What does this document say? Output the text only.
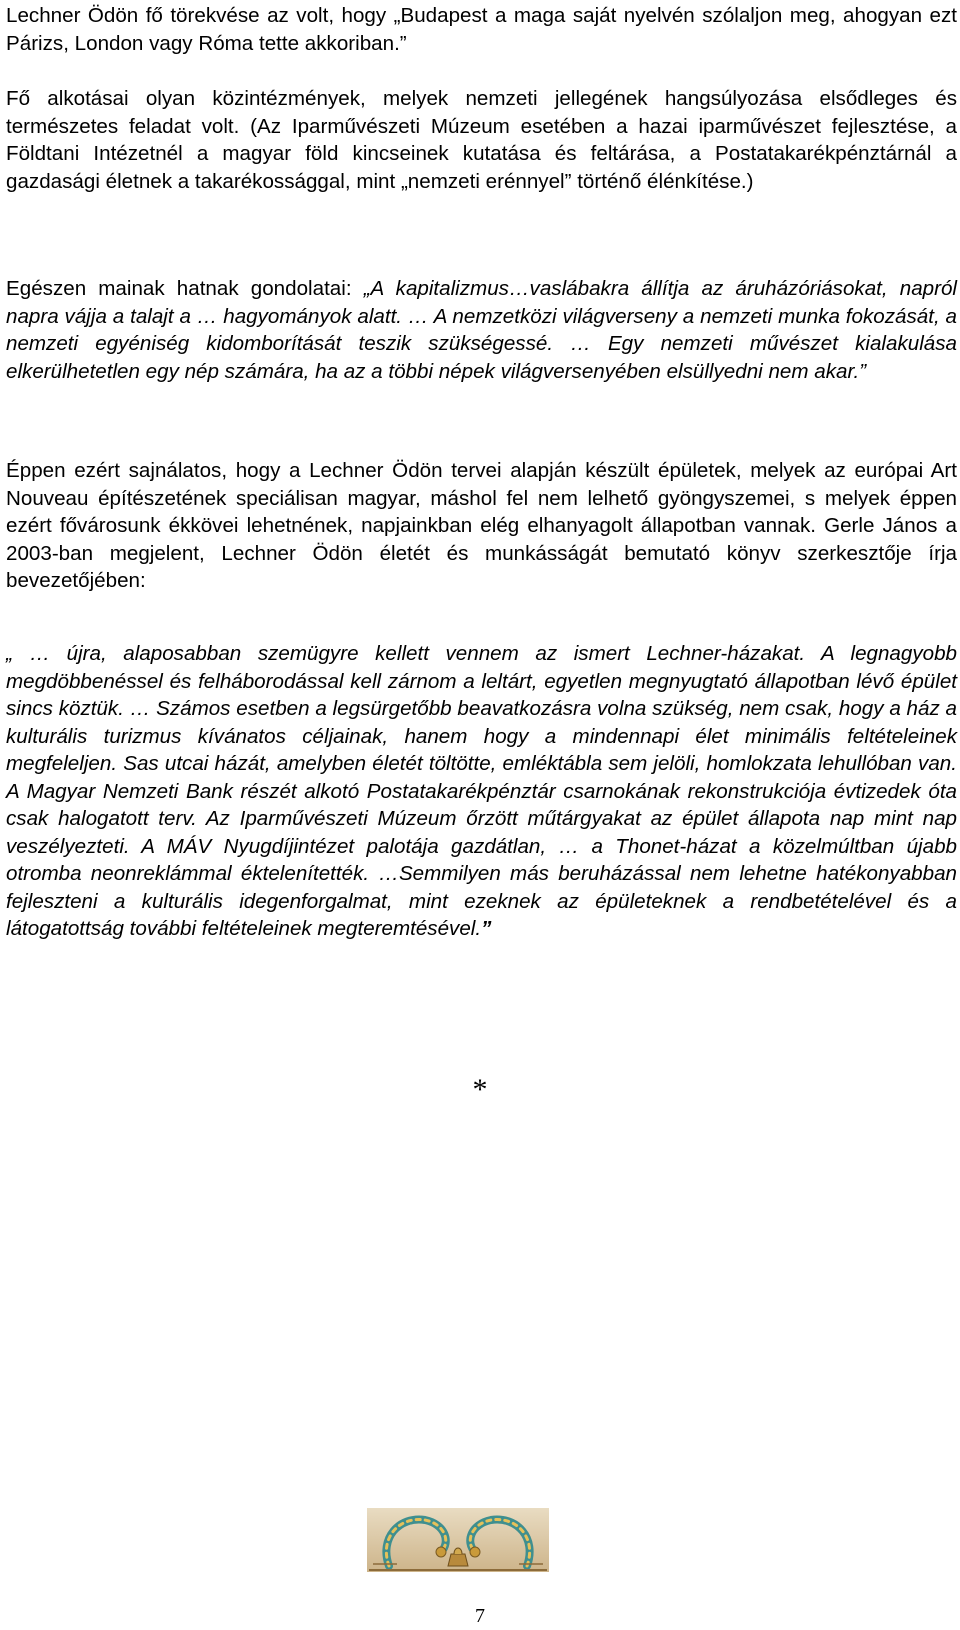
Lechner Ödön fő törekvése az volt, hogy „Budapest a maga saját nyelvén szólaljon meg, ahogyan ezt Párizs, London vagy Róma tette akkoriban.”

Fő alkotásai olyan közintézmények, melyek nemzeti jellegének hangsúlyozása elsődleges és természetes feladat volt. (Az Iparművészeti Múzeum esetében a hazai iparművészet fejlesztése, a Földtani Intézetnél a magyar föld kincseinek kutatása és feltárása, a Postatakarékpénztárnál a gazdasági életnek a takarékossággal, mint „nemzeti erénnyel” történő élénkítése.)

Egészen mainak hatnak gondolatai: „A kapitalizmus…vaslábakra állítja az áruházóriásokat, napról napra vájja a talajt a … hagyományok alatt. … A nemzetközi világverseny a nemzeti munka fokozását, a nemzeti egyéniség kidomborítását teszik szükségessé. … Egy nemzeti művészet kialakulása elkerülhetetlen egy nép számára, ha az a többi népek világversenyében elsüllyedni nem akar.”

Éppen ezért sajnálatos, hogy a Lechner Ödön tervei alapján készült épületek, melyek az európai Art Nouveau építészetének speciálisan magyar, máshol fel nem lelhető gyöngyszemei, s melyek éppen ezért fővárosunk ékkövei lehetnének, napjainkban elég elhanyagolt állapotban vannak. Gerle János a 2003-ban megjelent, Lechner Ödön életét és munkásságát bemutató könyv szerkesztője írja bevezetőjében:

„ … újra, alaposabban szemügyre kellett vennem az ismert Lechner-házakat. A legnagyobb megdöbbenéssel és felháborodással kell zárnom a leltárt, egyetlen megnyugtató állapotban lévő épület sincs köztük. … Számos esetben a legsürgetőbb beavatkozásra volna szükség, nem csak, hogy a ház a kulturális turizmus kívánatos céljainak, hanem hogy a mindennapi élet minimális feltételeinek megfeleljen. Sas utcai házát, amelyben életét töltötte, emléktábla sem jelöli, homlokzata lehullóban van. A Magyar Nemzeti Bank részét alkotó Postatakarékpénztár csarnokának rekonstrukciója évtizedek óta csak halogatott terv. Az Iparművészeti Múzeum őrzött műtárgyakat az épület állapota nap mint nap veszélyezteti. A MÁV Nyugdíjintézet palotája gazdátlan, … a Thonet-házat a közelmúltban újabb otromba neonreklámmal éktelenítették. …Semmilyen más beruházással nem lehetne hatékonyabban fejleszteni a kulturális idegenforgalmat, mint ezeknek az épületeknek a rendbetételével és a látogatottság további feltételeinek megteremtésével.”

*
7
